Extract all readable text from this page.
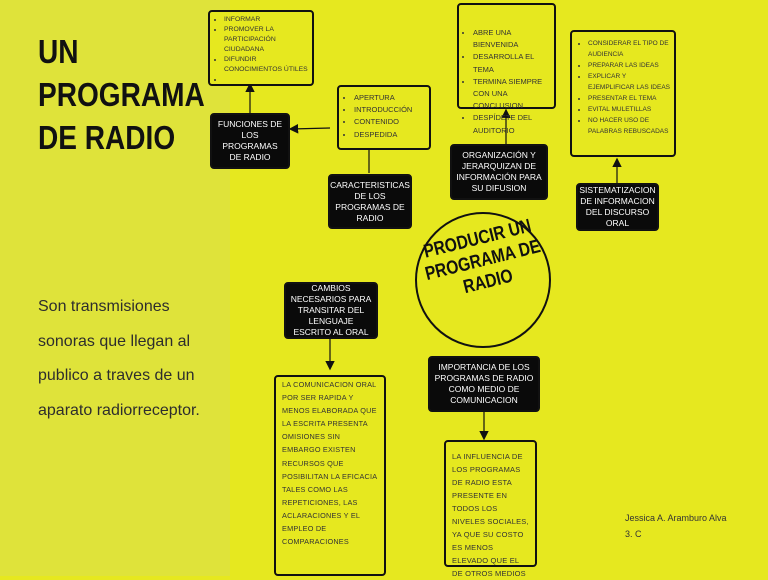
UN
PROGRAMA
DE RADIO
Son transmisiones sonoras que llegan al publico a traves de un aparato radiorreceptor.
• INFORMAR
• PROMOVER LA PARTICIPACIÓN CIUDADANA
• DIFUNDIR CONOCIMIENTOS ÚTILES
•
FUNCIONES DE LOS PROGRAMAS DE RADIO
• APERTURA
• INTRODUCCIÓN
• CONTENIDO
• DESPEDIDA
CARACTERISTICAS DE LOS PROGRAMAS DE RADIO
• ABRE UNA BIENVENIDA
• DESARROLLA EL TEMA
• TERMINA SIEMPRE CON UNA CONCLUSION
• DESPÍDETE DEL AUDITORIO
ORGANIZACIÓN Y JERARQUIZAN DE INFORMACIÓN PARA SU DIFUSION
• CONSIDERAR EL TIPO DE AUDIENCIA
• PREPARAR LAS IDEAS
• EXPLICAR Y EJEMPLIFICAR LAS IDEAS
• PRESENTAR EL TEMA
• EVITAL MULETILLAS
• NO HACER USO DE PALABRAS REBUSCADAS
SISTEMATIZACION DE INFORMACION DEL DISCURSO ORAL
PRODUCIR UN PROGRAMA DE RADIO
CAMBIOS NECESARIOS PARA TRANSITAR DEL LENGUAJE ESCRITO AL ORAL
LA COMUNICACION ORAL POR SER RAPIDA Y MENOS ELABORADA QUE LA ESCRITA PRESENTA OMISIONES SIN EMBARGO EXISTEN RECURSOS QUE POSIBILITAN LA EFICACIA TALES COMO LAS REPETICIONES, LAS ACLARACIONES Y EL EMPLEO DE COMPARACIONES
IMPORTANCIA DE LOS PROGRAMAS DE RADIO COMO MEDIO DE COMUNICACION
LA INFLUENCIA DE LOS PROGRAMAS DE RADIO ESTA PRESENTE EN TODOS LOS NIVELES SOCIALES, YA QUE SU COSTO ES MENOS ELEVADO QUE EL DE OTROS MEDIOS
Jessica A. Aramburo Alva
3. C
